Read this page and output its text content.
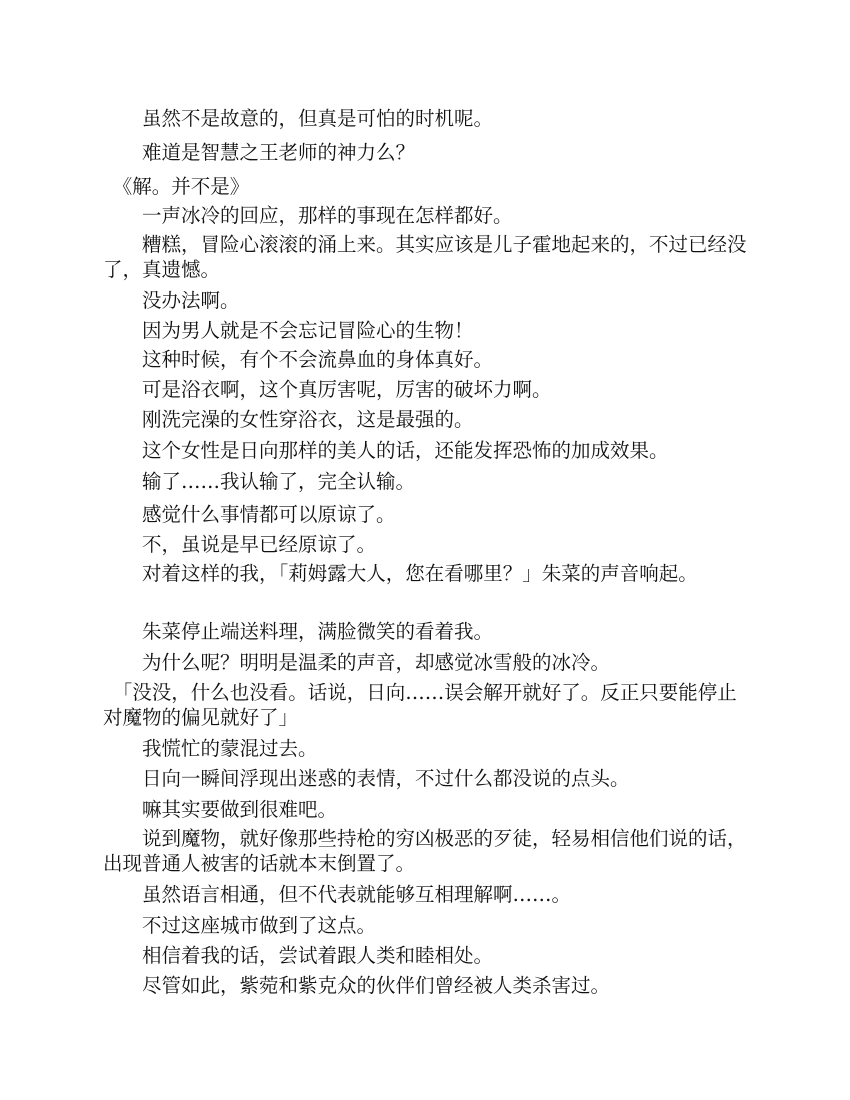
　　虽然不是故意的，但真是可怕的时机呢。

　　难道是智慧之王老师的神力么？

　《解。并不是》

　　一声冰冷的回应，那样的事现在怎样都好。

　　糟糕，冒险心滚滚的涌上来。其实应该是儿子霍地起来的，不过已经没了，真遗憾。

　　没办法啊。

　　因为男人就是不会忘记冒险心的生物！

　　这种时候，有个不会流鼻血的身体真好。

　　可是浴衣啊，这个真厉害呢，厉害的破坏力啊。

　　刚洗完澡的女性穿浴衣，这是最强的。

　　这个女性是日向那样的美人的话，还能发挥恐怖的加成效果。

　　输了……我认输了，完全认输。

　　感觉什么事情都可以原谅了。

　　不，虽说是早已经原谅了。

　　对着这样的我，「莉姆露大人，您在看哪里？」朱菜的声音响起。

　　朱菜停止端送料理，满脸微笑的看着我。

　　为什么呢？明明是温柔的声音，却感觉冰雪般的冰冷。

　「没没，什么也没看。话说，日向……误会解开就好了。反正只要能停止对魔物的偏见就好了」

　　我慌忙的蒙混过去。

　　日向一瞬间浮现出迷惑的表情，不过什么都没说的点头。

　　嘛其实要做到很难吧。

　　说到魔物，就好像那些持枪的穷凶极恶的歹徒，轻易相信他们说的话，出现普通人被害的话就本末倒置了。

　　虽然语言相通，但不代表就能够互相理解啊……。

　　不过这座城市做到了这点。

　　相信着我的话，尝试着跟人类和睦相处。

　　尽管如此，紫菀和紫克众的伙伴们曾经被人类杀害过。
